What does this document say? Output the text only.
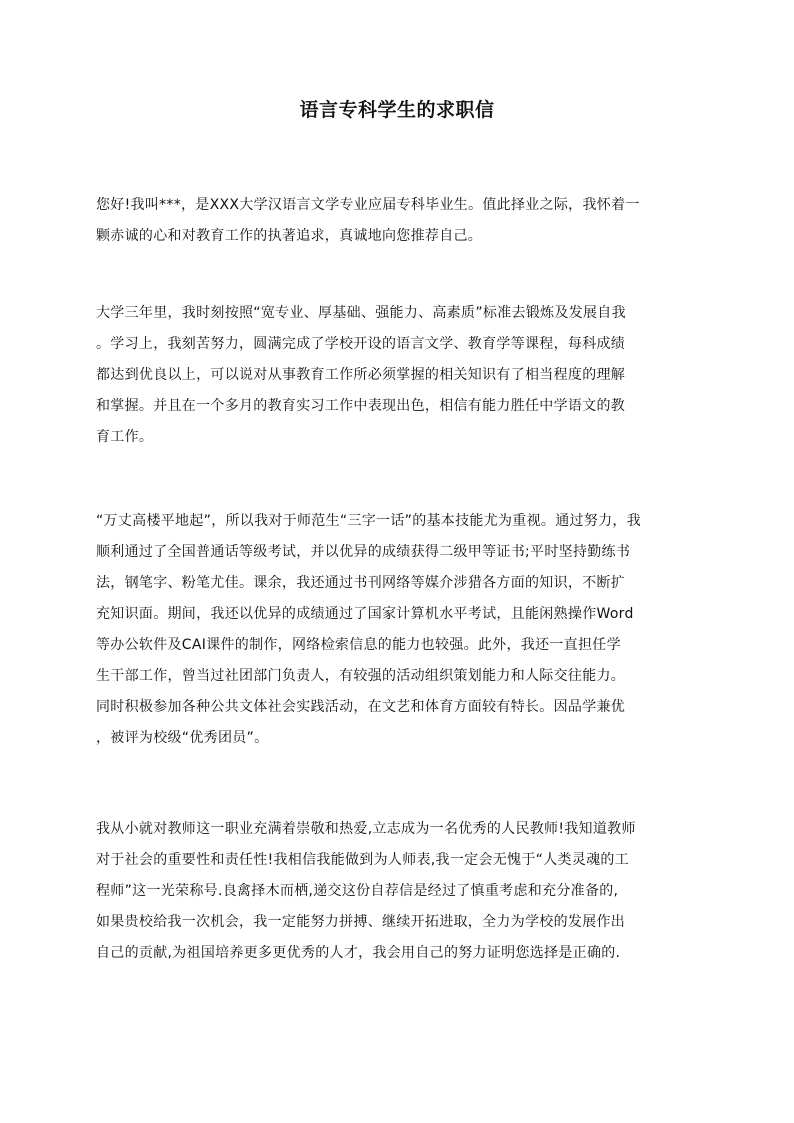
语言专科学生的求职信

您好!我叫***，是XXX大学汉语言文学专业应届专科毕业生。值此择业之际，我怀着一
颗赤诚的心和对教育工作的执著追求，真诚地向您推荐自己。

大学三年里，我时刻按照“宽专业、厚基础、强能力、高素质”标准去锻炼及发展自我
。学习上，我刻苦努力，圆满完成了学校开设的语言文学、教育学等课程，每科成绩
都达到优良以上，可以说对从事教育工作所必须掌握的相关知识有了相当程度的理解
和掌握。并且在一个多月的教育实习工作中表现出色，相信有能力胜任中学语文的教
育工作。

“万丈高楼平地起”，所以我对于师范生“三字一话”的基本技能尤为重视。通过努力，我
顺利通过了全国普通话等级考试，并以优异的成绩获得二级甲等证书;平时坚持勤练书
法，钢笔字、粉笔尤佳。课余，我还通过书刊网络等媒介涉猎各方面的知识，不断扩
充知识面。期间，我还以优异的成绩通过了国家计算机水平考试，且能闲熟操作Word
等办公软件及CAI课件的制作，网络检索信息的能力也较强。此外，我还一直担任学
生干部工作，曾当过社团部门负责人，有较强的活动组织策划能力和人际交往能力。
同时积极参加各种公共文体社会实践活动，在文艺和体育方面较有特长。因品学兼优
，被评为校级“优秀团员”。

我从小就对教师这一职业充满着崇敬和热爱,立志成为一名优秀的人民教师!我知道教师
对于社会的重要性和责任性!我相信我能做到为人师表,我一定会无愧于“人类灵魂的工
程师”这一光荣称号.良禽择木而栖,递交这份自荐信是经过了慎重考虑和充分准备的,
如果贵校给我一次机会，我一定能努力拼搏、继续开拓进取，全力为学校的发展作出
自己的贡献,为祖国培养更多更优秀的人才，我会用自己的努力证明您选择是正确的.
